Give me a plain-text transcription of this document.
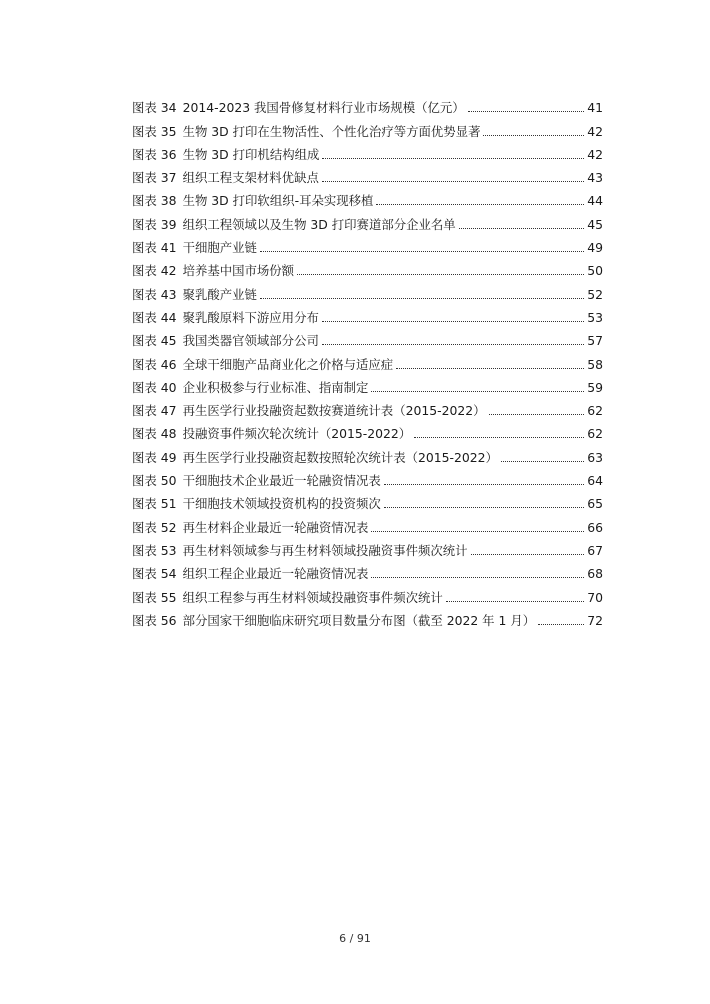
图表 34 2014-2023 我国骨修复材料行业市场规模（亿元）	41
图表 35 生物 3D 打印在生物活性、个性化治疗等方面优势显著	42
图表 36 生物 3D 打印机结构组成	42
图表 37 组织工程支架材料优缺点	43
图表 38 生物 3D 打印软组织-耳朵实现移植	44
图表 39 组织工程领域以及生物 3D 打印赛道部分企业名单	45
图表 41 干细胞产业链	49
图表 42 培养基中国市场份额	50
图表 43 聚乳酸产业链	52
图表 44 聚乳酸原料下游应用分布	53
图表 45 我国类器官领域部分公司	57
图表 46 全球干细胞产品商业化之价格与适应症	58
图表 40 企业积极参与行业标准、指南制定	59
图表 47 再生医学行业投融资起数按赛道统计表（2015-2022）	62
图表 48 投融资事件频次轮次统计（2015-2022）	62
图表 49 再生医学行业投融资起数按照轮次统计表（2015-2022）	63
图表 50 干细胞技术企业最近一轮融资情况表	64
图表 51 干细胞技术领域投资机构的投资频次	65
图表 52 再生材料企业最近一轮融资情况表	66
图表 53 再生材料领域参与再生材料领域投融资事件频次统计	67
图表 54 组织工程企业最近一轮融资情况表	68
图表 55 组织工程参与再生材料领域投融资事件频次统计	70
图表 56 部分国家干细胞临床研究项目数量分布图（截至 2022 年 1 月）	72
6 / 91
